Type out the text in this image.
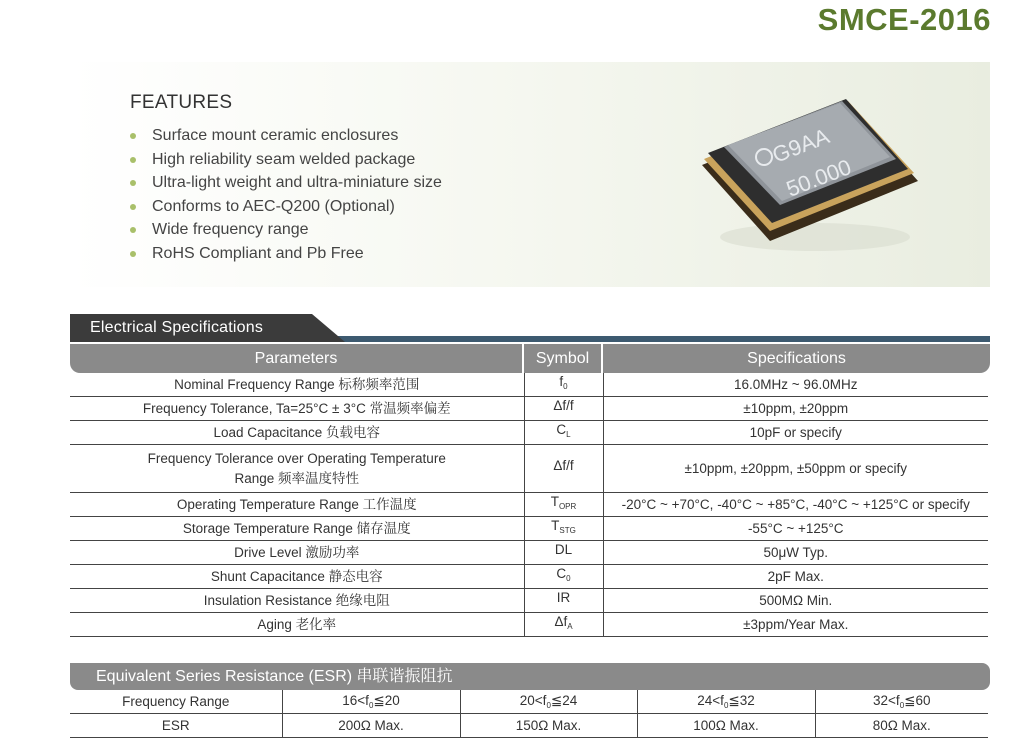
SMCE-2016
FEATURES
Surface mount ceramic enclosures
High reliability seam welded package
Ultra-light weight and ultra-miniature size
Conforms to AEC-Q200 (Optional)
Wide frequency range
RoHS Compliant and Pb Free
G9AA
50.000
Electrical Specifications
Parameters	Symbol	Specifications
Nominal Frequency Range 标称频率范围	$f_0$	16.0MHz ~ 96.0MHz
Frequency Tolerance, Ta=25°C ± 3°C 常温频率偏差	Δf/f	±10ppm, ±20ppm
Load Capacitance 负载电容	$C_L$	10pF or specify

Frequency Tolerance over Operating Temperature
Range 频率温度特性	Δf/f	±10ppm, ±20ppm, ±50ppm or specify
Operating Temperature Range 工作温度	$T_{OPR}$	-20°C ~ +70°C, -40°C ~ +85°C, -40°C ~ +125°C or specify
Storage Temperature Range 储存温度	$T_{STG}$	-55°C ~ +125°C
Drive Level 激励功率	DL	50μW Typ.
Shunt Capacitance 静态电容	$C_0$	2pF Max.
Insulation Resistance 绝缘电阻	IR	500MΩ Min.
Aging 老化率	$\Delta f_A$	±3ppm/Year Max.
Equivalent Series Resistance (ESR) 串联谐振阻抗
Frequency Range	$16<f_0≦20$	$20<f_0≦24$	$24<f_0≦32$	$32<f_0≦60$
ESR	200Ω Max.	150Ω Max.	100Ω Max.	80Ω Max.
